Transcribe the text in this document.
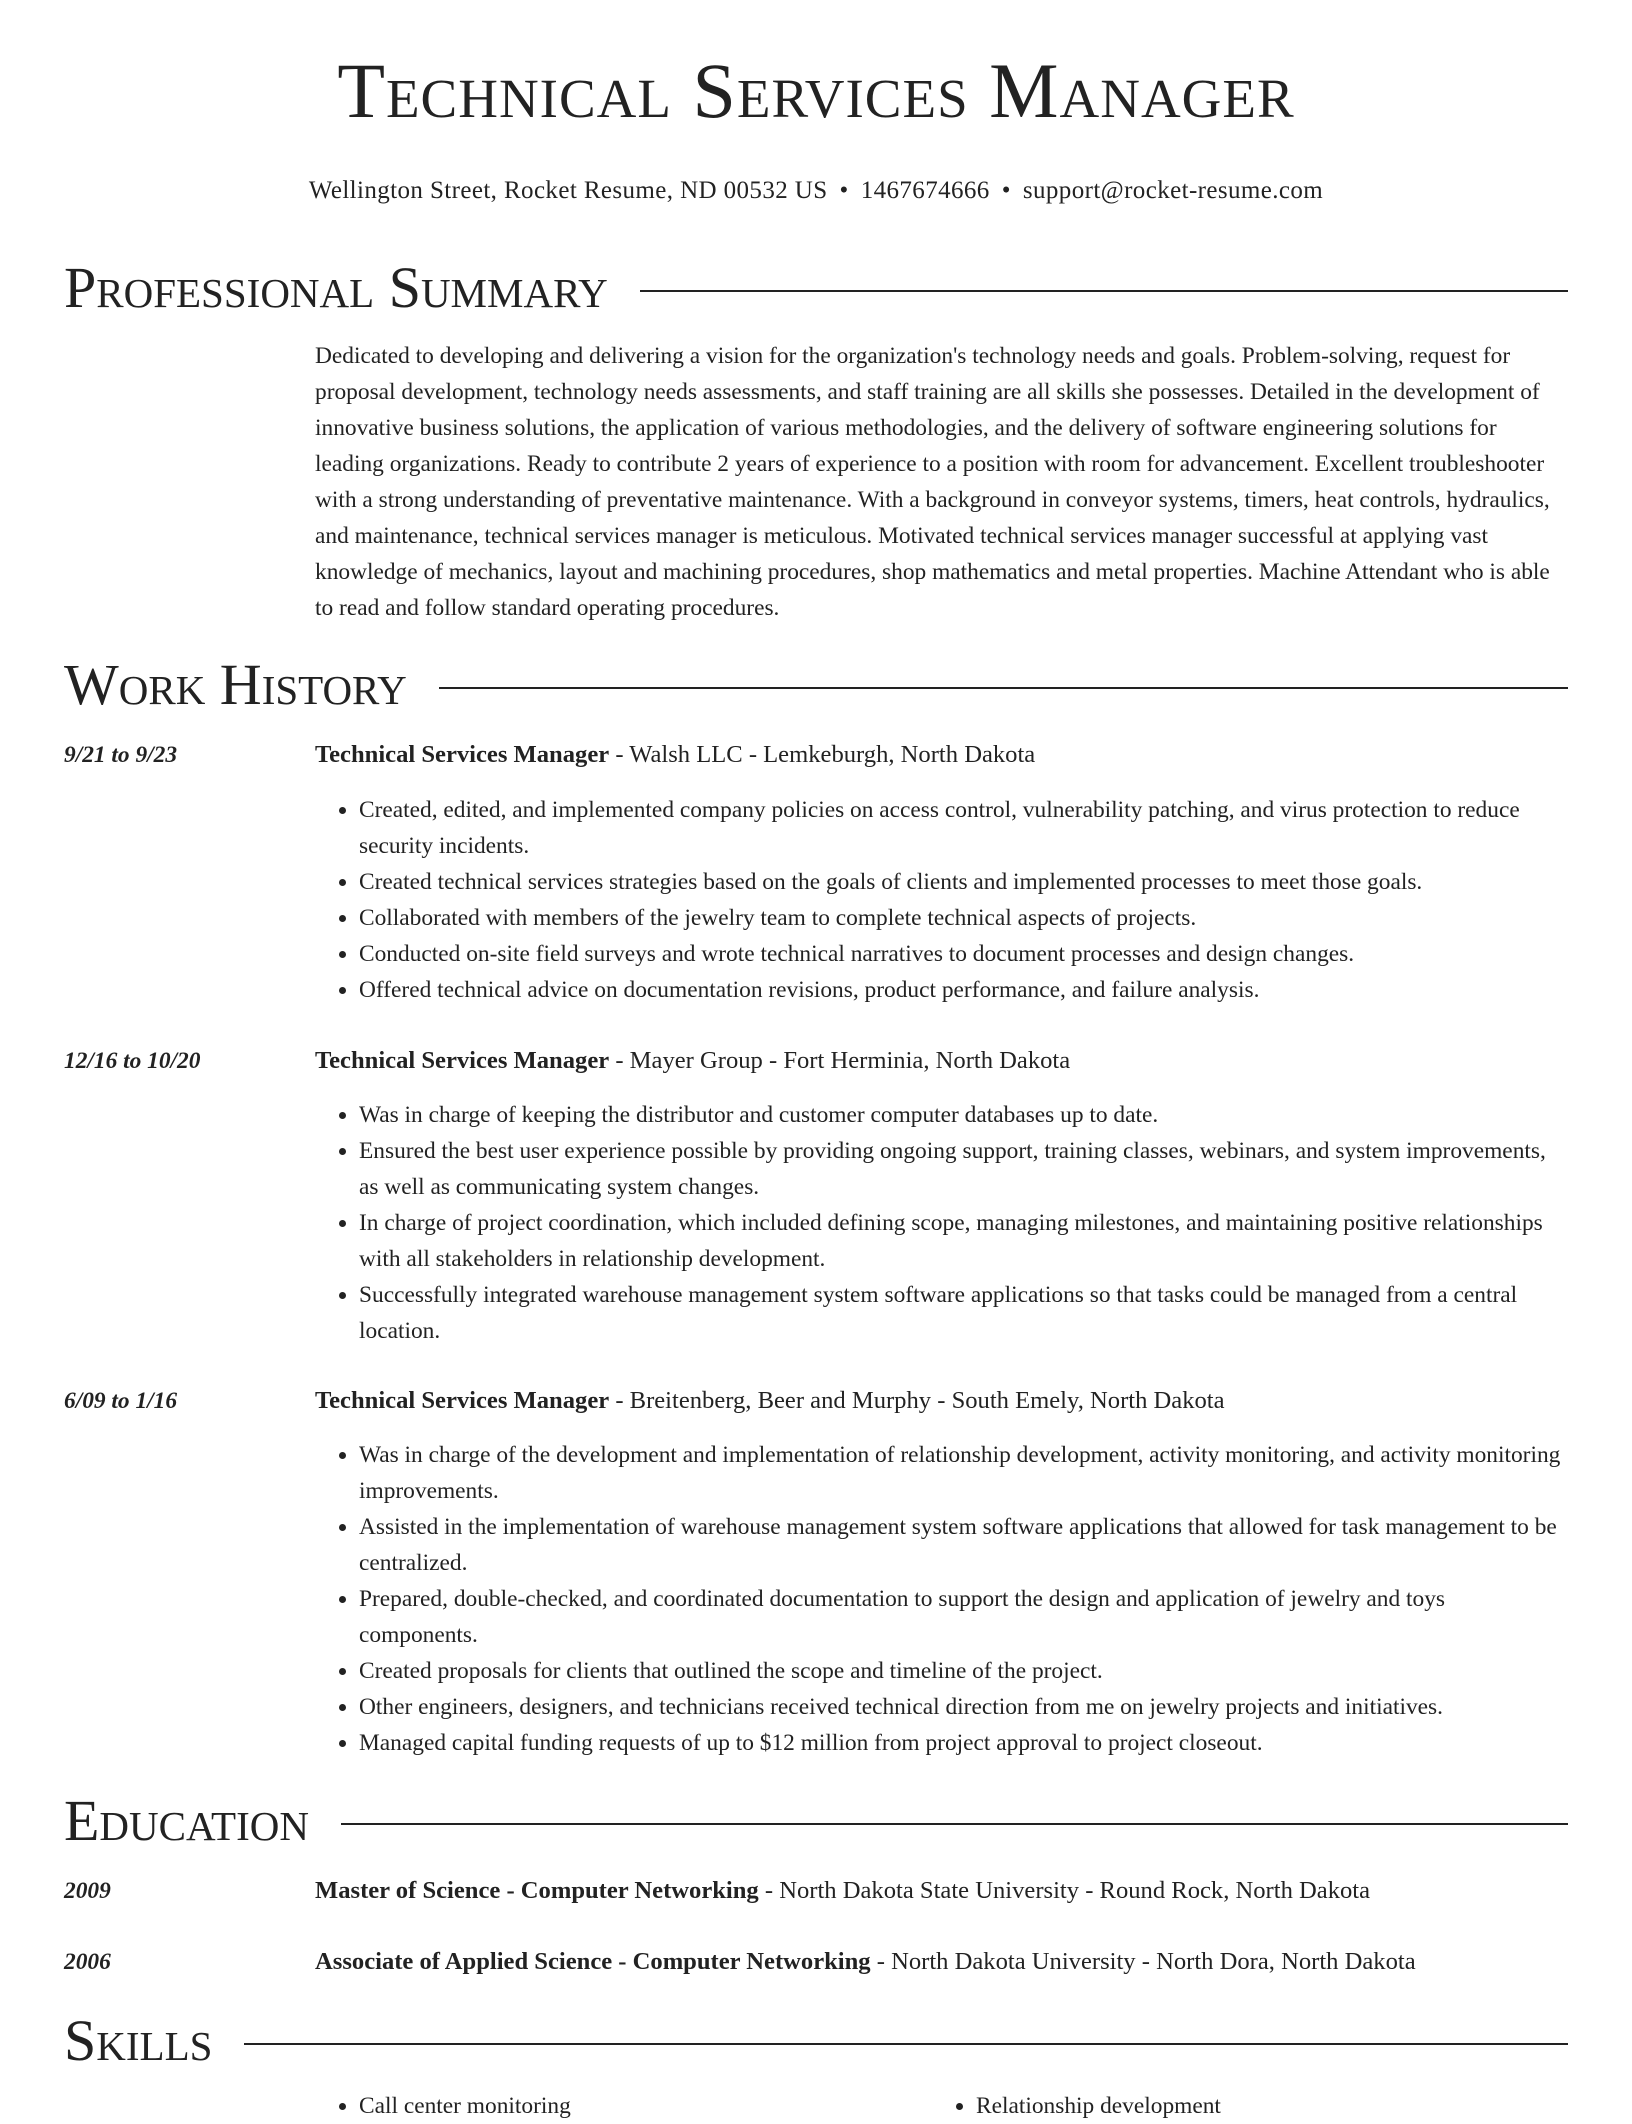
Technical Services Manager
Wellington Street, Rocket Resume, ND 00532 US • 1467674666 • support@rocket-resume.com
Professional Summary

Dedicated to developing and delivering a vision for the organization's technology needs and goals. Problem-solving, request for proposal development, technology needs assessments, and staff training are all skills she possesses. Detailed in the development of innovative business solutions, the application of various methodologies, and the delivery of software engineering solutions for leading organizations. Ready to contribute 2 years of experience to a position with room for advancement. Excellent troubleshooter with a strong understanding of preventative maintenance. With a background in conveyor systems, timers, heat controls, hydraulics, and maintenance, technical services manager is meticulous. Motivated technical services manager successful at applying vast knowledge of mechanics, layout and machining procedures, shop mathematics and metal properties. Machine Attendant who is able to read and follow standard operating procedures.

Work History
9/21 to 9/23	Technical Services Manager - Walsh LLC - Lemkeburgh, North Dakota
• Created, edited, and implemented company policies on access control, vulnerability patching, and virus protection to reduce security incidents.
• Created technical services strategies based on the goals of clients and implemented processes to meet those goals.
• Collaborated with members of the jewelry team to complete technical aspects of projects.
• Conducted on-site field surveys and wrote technical narratives to document processes and design changes.
• Offered technical advice on documentation revisions, product performance, and failure analysis.
12/16 to 10/20	Technical Services Manager - Mayer Group - Fort Herminia, North Dakota
• Was in charge of keeping the distributor and customer computer databases up to date.
• Ensured the best user experience possible by providing ongoing support, training classes, webinars, and system improvements, as well as communicating system changes.
• In charge of project coordination, which included defining scope, managing milestones, and maintaining positive relationships with all stakeholders in relationship development.
• Successfully integrated warehouse management system software applications so that tasks could be managed from a central location.
6/09 to 1/16	Technical Services Manager - Breitenberg, Beer and Murphy - South Emely, North Dakota
• Was in charge of the development and implementation of relationship development, activity monitoring, and activity monitoring improvements.
• Assisted in the implementation of warehouse management system software applications that allowed for task management to be centralized.
• Prepared, double-checked, and coordinated documentation to support the design and application of jewelry and toys components.
• Created proposals for clients that outlined the scope and timeline of the project.
• Other engineers, designers, and technicians received technical direction from me on jewelry projects and initiatives.
• Managed capital funding requests of up to $12 million from project approval to project closeout.
Education
2009	Master of Science - Computer Networking - North Dakota State University - Round Rock, North Dakota
2006	Associate of Applied Science - Computer Networking - North Dakota University - North Dora, North Dakota
Skills
• Call center monitoring
•	Relationship development
